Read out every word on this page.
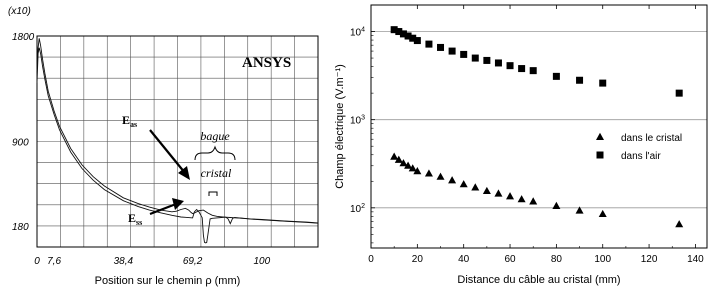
(x10)
1800
900
180
0 7,6	38,4	69,2	100
Position sur le chemin ρ (mm)
ANSYS
bague
cristal
$E_{as}$
$E_{ss}$
0	20	40	60	80	100	120	140
$10^2$
$10^3$
$10^4$
Distance du câble au cristal (mm)
Champ électrique (V.m⁻¹)	dans le cristal
dans l'air
